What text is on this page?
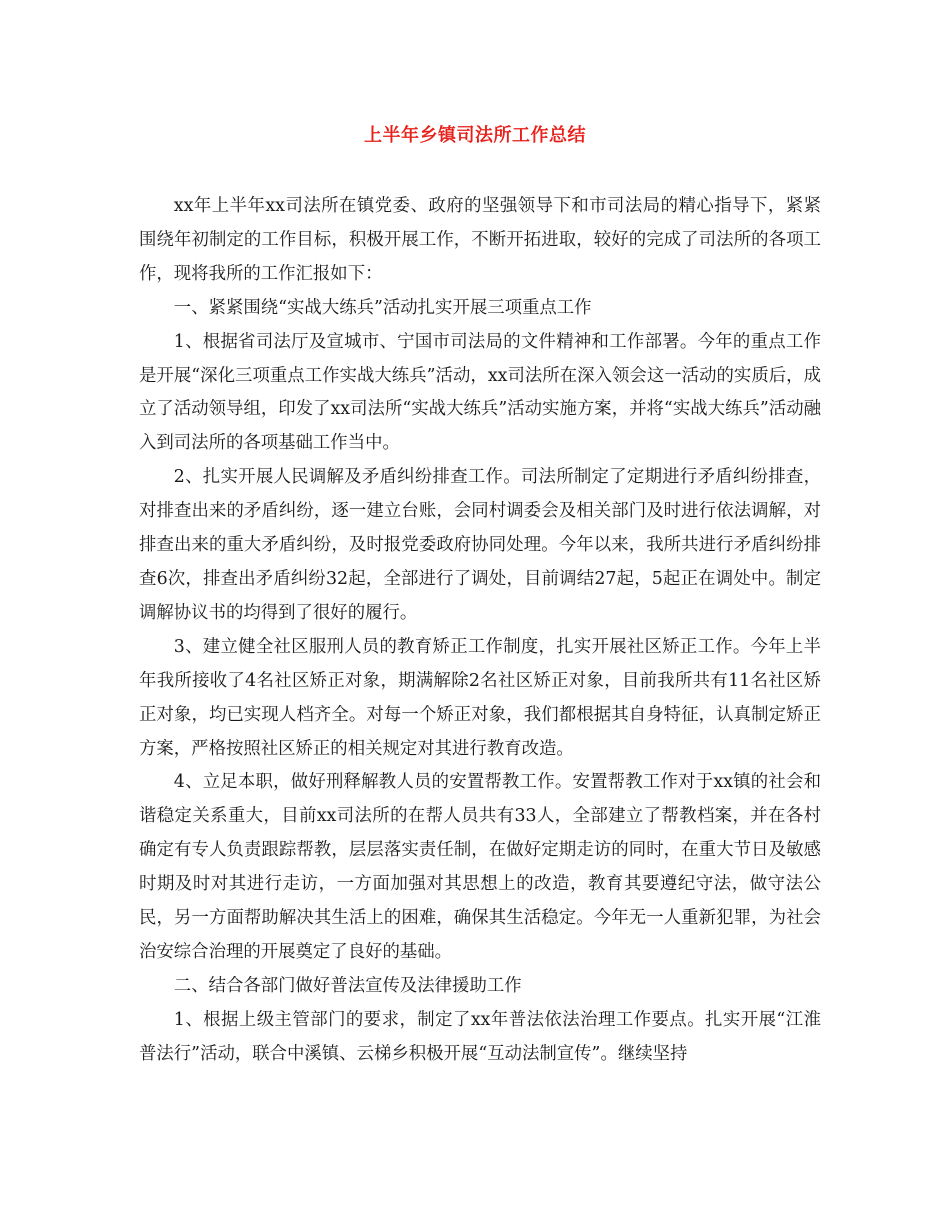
上半年乡镇司法所工作总结

xx年上半年xx司法所在镇党委、政府的坚强领导下和市司法局的精心指导下，紧紧围绕年初制定的工作目标，积极开展工作，不断开拓进取，较好的完成了司法所的各项工作，现将我所的工作汇报如下：

一、紧紧围绕“实战大练兵”活动扎实开展三项重点工作

1、根据省司法厅及宣城市、宁国市司法局的文件精神和工作部署。今年的重点工作是开展“深化三项重点工作实战大练兵”活动，xx司法所在深入领会这一活动的实质后，成立了活动领导组，印发了xx司法所“实战大练兵”活动实施方案，并将“实战大练兵”活动融入到司法所的各项基础工作当中。

2、扎实开展人民调解及矛盾纠纷排查工作。司法所制定了定期进行矛盾纠纷排查，对排查出来的矛盾纠纷，逐一建立台账，会同村调委会及相关部门及时进行依法调解，对排查出来的重大矛盾纠纷，及时报党委政府协同处理。今年以来，我所共进行矛盾纠纷排查6次，排查出矛盾纠纷32起，全部进行了调处，目前调结27起，5起正在调处中。制定调解协议书的均得到了很好的履行。

3、建立健全社区服刑人员的教育矫正工作制度，扎实开展社区矫正工作。今年上半年我所接收了4名社区矫正对象，期满解除2名社区矫正对象，目前我所共有11名社区矫正对象，均已实现人档齐全。对每一个矫正对象，我们都根据其自身特征，认真制定矫正方案，严格按照社区矫正的相关规定对其进行教育改造。

4、立足本职，做好刑释解教人员的安置帮教工作。安置帮教工作对于xx镇的社会和谐稳定关系重大，目前xx司法所的在帮人员共有33人，全部建立了帮教档案，并在各村确定有专人负责跟踪帮教，层层落实责任制，在做好定期走访的同时，在重大节日及敏感时期及时对其进行走访，一方面加强对其思想上的改造，教育其要遵纪守法，做守法公民，另一方面帮助解决其生活上的困难，确保其生活稳定。今年无一人重新犯罪，为社会治安综合治理的开展奠定了良好的基础。

二、结合各部门做好普法宣传及法律援助工作

1、根据上级主管部门的要求，制定了xx年普法依法治理工作要点。扎实开展“江淮普法行”活动，联合中溪镇、云梯乡积极开展“互动法制宣传”。继续坚持
